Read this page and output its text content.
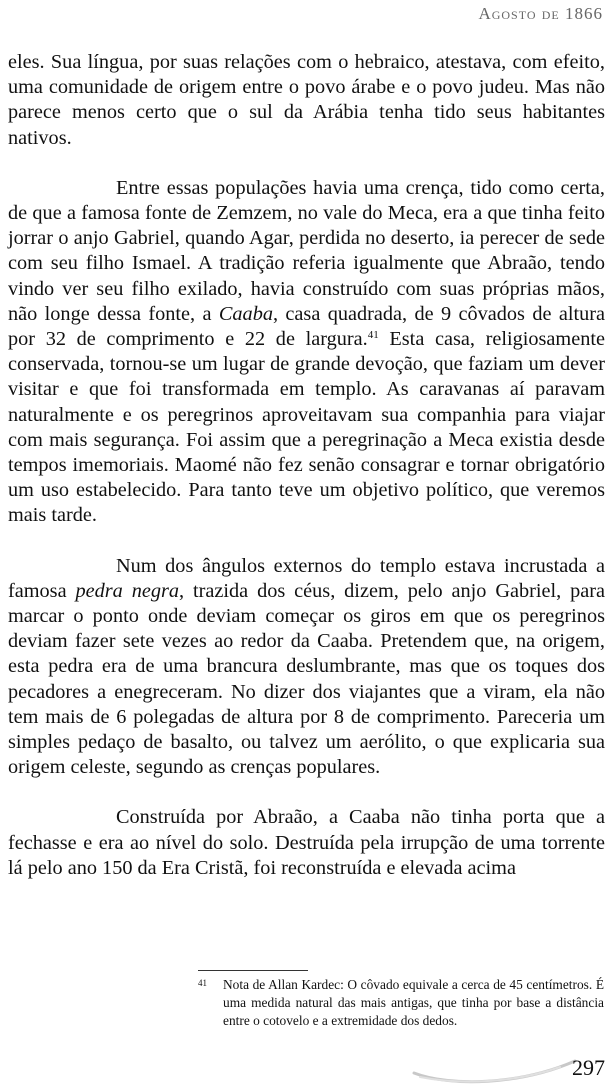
Agosto de 1866

eles. Sua língua, por suas relações com o hebraico, atestava, com efeito, uma comunidade de origem entre o povo árabe e o povo judeu. Mas não parece menos certo que o sul da Arábia tenha tido seus habitantes nativos.

Entre essas populações havia uma crença, tido como certa, de que a famosa fonte de Zemzem, no vale do Meca, era a que tinha feito jorrar o anjo Gabriel, quando Agar, perdida no deserto, ia perecer de sede com seu filho Ismael. A tradição referia igualmente que Abraão, tendo vindo ver seu filho exilado, havia construído com suas próprias mãos, não longe dessa fonte, a Caaba, casa quadrada, de 9 côvados de altura por 32 de comprimento e 22 de largura.$^{41}$ Esta casa, religiosamente conservada, tornou-se um lugar de grande devoção, que faziam um dever visitar e que foi transformada em templo. As caravanas aí paravam naturalmente e os peregrinos aproveitavam sua companhia para viajar com mais segurança. Foi assim que a peregrinação a Meca existia desde tempos imemoriais. Maomé não fez senão consagrar e tornar obrigatório um uso estabelecido. Para tanto teve um objetivo político, que veremos mais tarde.

Num dos ângulos externos do templo estava incrustada a famosa pedra negra, trazida dos céus, dizem, pelo anjo Gabriel, para marcar o ponto onde deviam começar os giros em que os peregrinos deviam fazer sete vezes ao redor da Caaba. Pretendem que, na origem, esta pedra era de uma brancura deslumbrante, mas que os toques dos pecadores a enegreceram. No dizer dos viajantes que a viram, ela não tem mais de 6 polegadas de altura por 8 de comprimento. Pareceria um simples pedaço de basalto, ou talvez um aerólito, o que explicaria sua origem celeste, segundo as crenças populares.

Construída por Abraão, a Caaba não tinha porta que a fechasse e era ao nível do solo. Destruída pela irrupção de uma torrente lá pelo ano 150 da Era Cristã, foi reconstruída e elevada acima

41	Nota de Allan Kardec: O côvado equivale a cerca de 45 centímetros. É uma medida natural das mais antigas, que tinha por base a distância entre o cotovelo e a extremidade dos dedos.
297
